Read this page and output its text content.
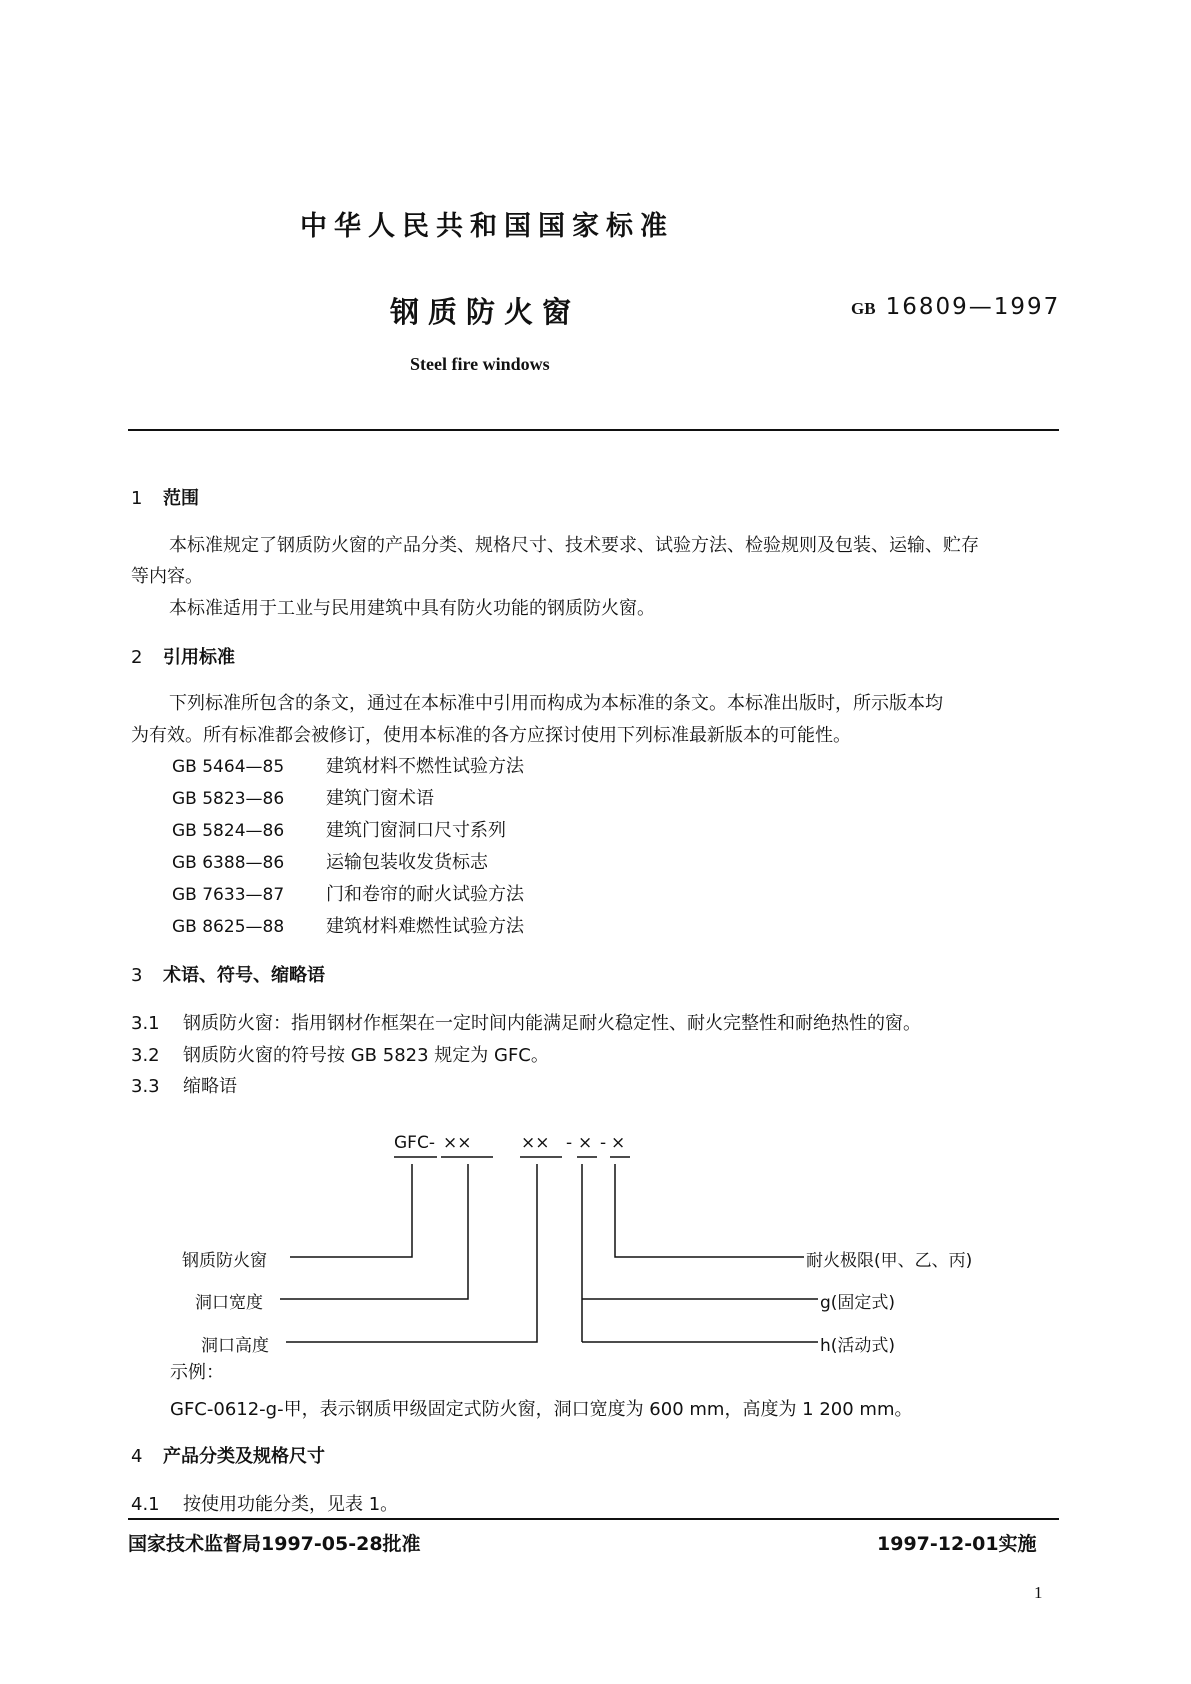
中华人民共和国国家标准
钢质防火窗	GB 16809—1997
Steel fire windows
1 范围
本标准规定了钢质防火窗的产品分类、规格尺寸、技术要求、试验方法、检验规则及包装、运输、贮存
等内容。
本标准适用于工业与民用建筑中具有防火功能的钢质防火窗。
2 引用标准
下列标准所包含的条文，通过在本标准中引用而构成为本标准的条文。本标准出版时，所示版本均
为有效。所有标准都会被修订，使用本标准的各方应探讨使用下列标准最新版本的可能性。
GB 5464—85 建筑材料不燃性试验方法
GB 5823—86 建筑门窗术语
GB 5824—86 建筑门窗洞口尺寸系列
GB 6388—86 运输包装收发货标志
GB 7633—87 门和卷帘的耐火试验方法
GB 8625—88 建筑材料难燃性试验方法
3 术语、符号、缩略语
3.1 钢质防火窗：指用钢材作框架在一定时间内能满足耐火稳定性、耐火完整性和耐绝热性的窗。
3.2 钢质防火窗的符号按 GB 5823 规定为 GFC。
3.3 缩略语
GFC- ××	×× - × - ×
钢质防火窗
洞口宽度
洞口高度
耐火极限(甲、乙、丙)
g(固定式)
h(活动式)
示例：
GFC-0612-g-甲，表示钢质甲级固定式防火窗，洞口宽度为 600 mm，高度为 1 200 mm。
4 产品分类及规格尺寸
4.1 按使用功能分类，见表 1。
国家技术监督局1997-05-28批准	1997-12-01实施
1
